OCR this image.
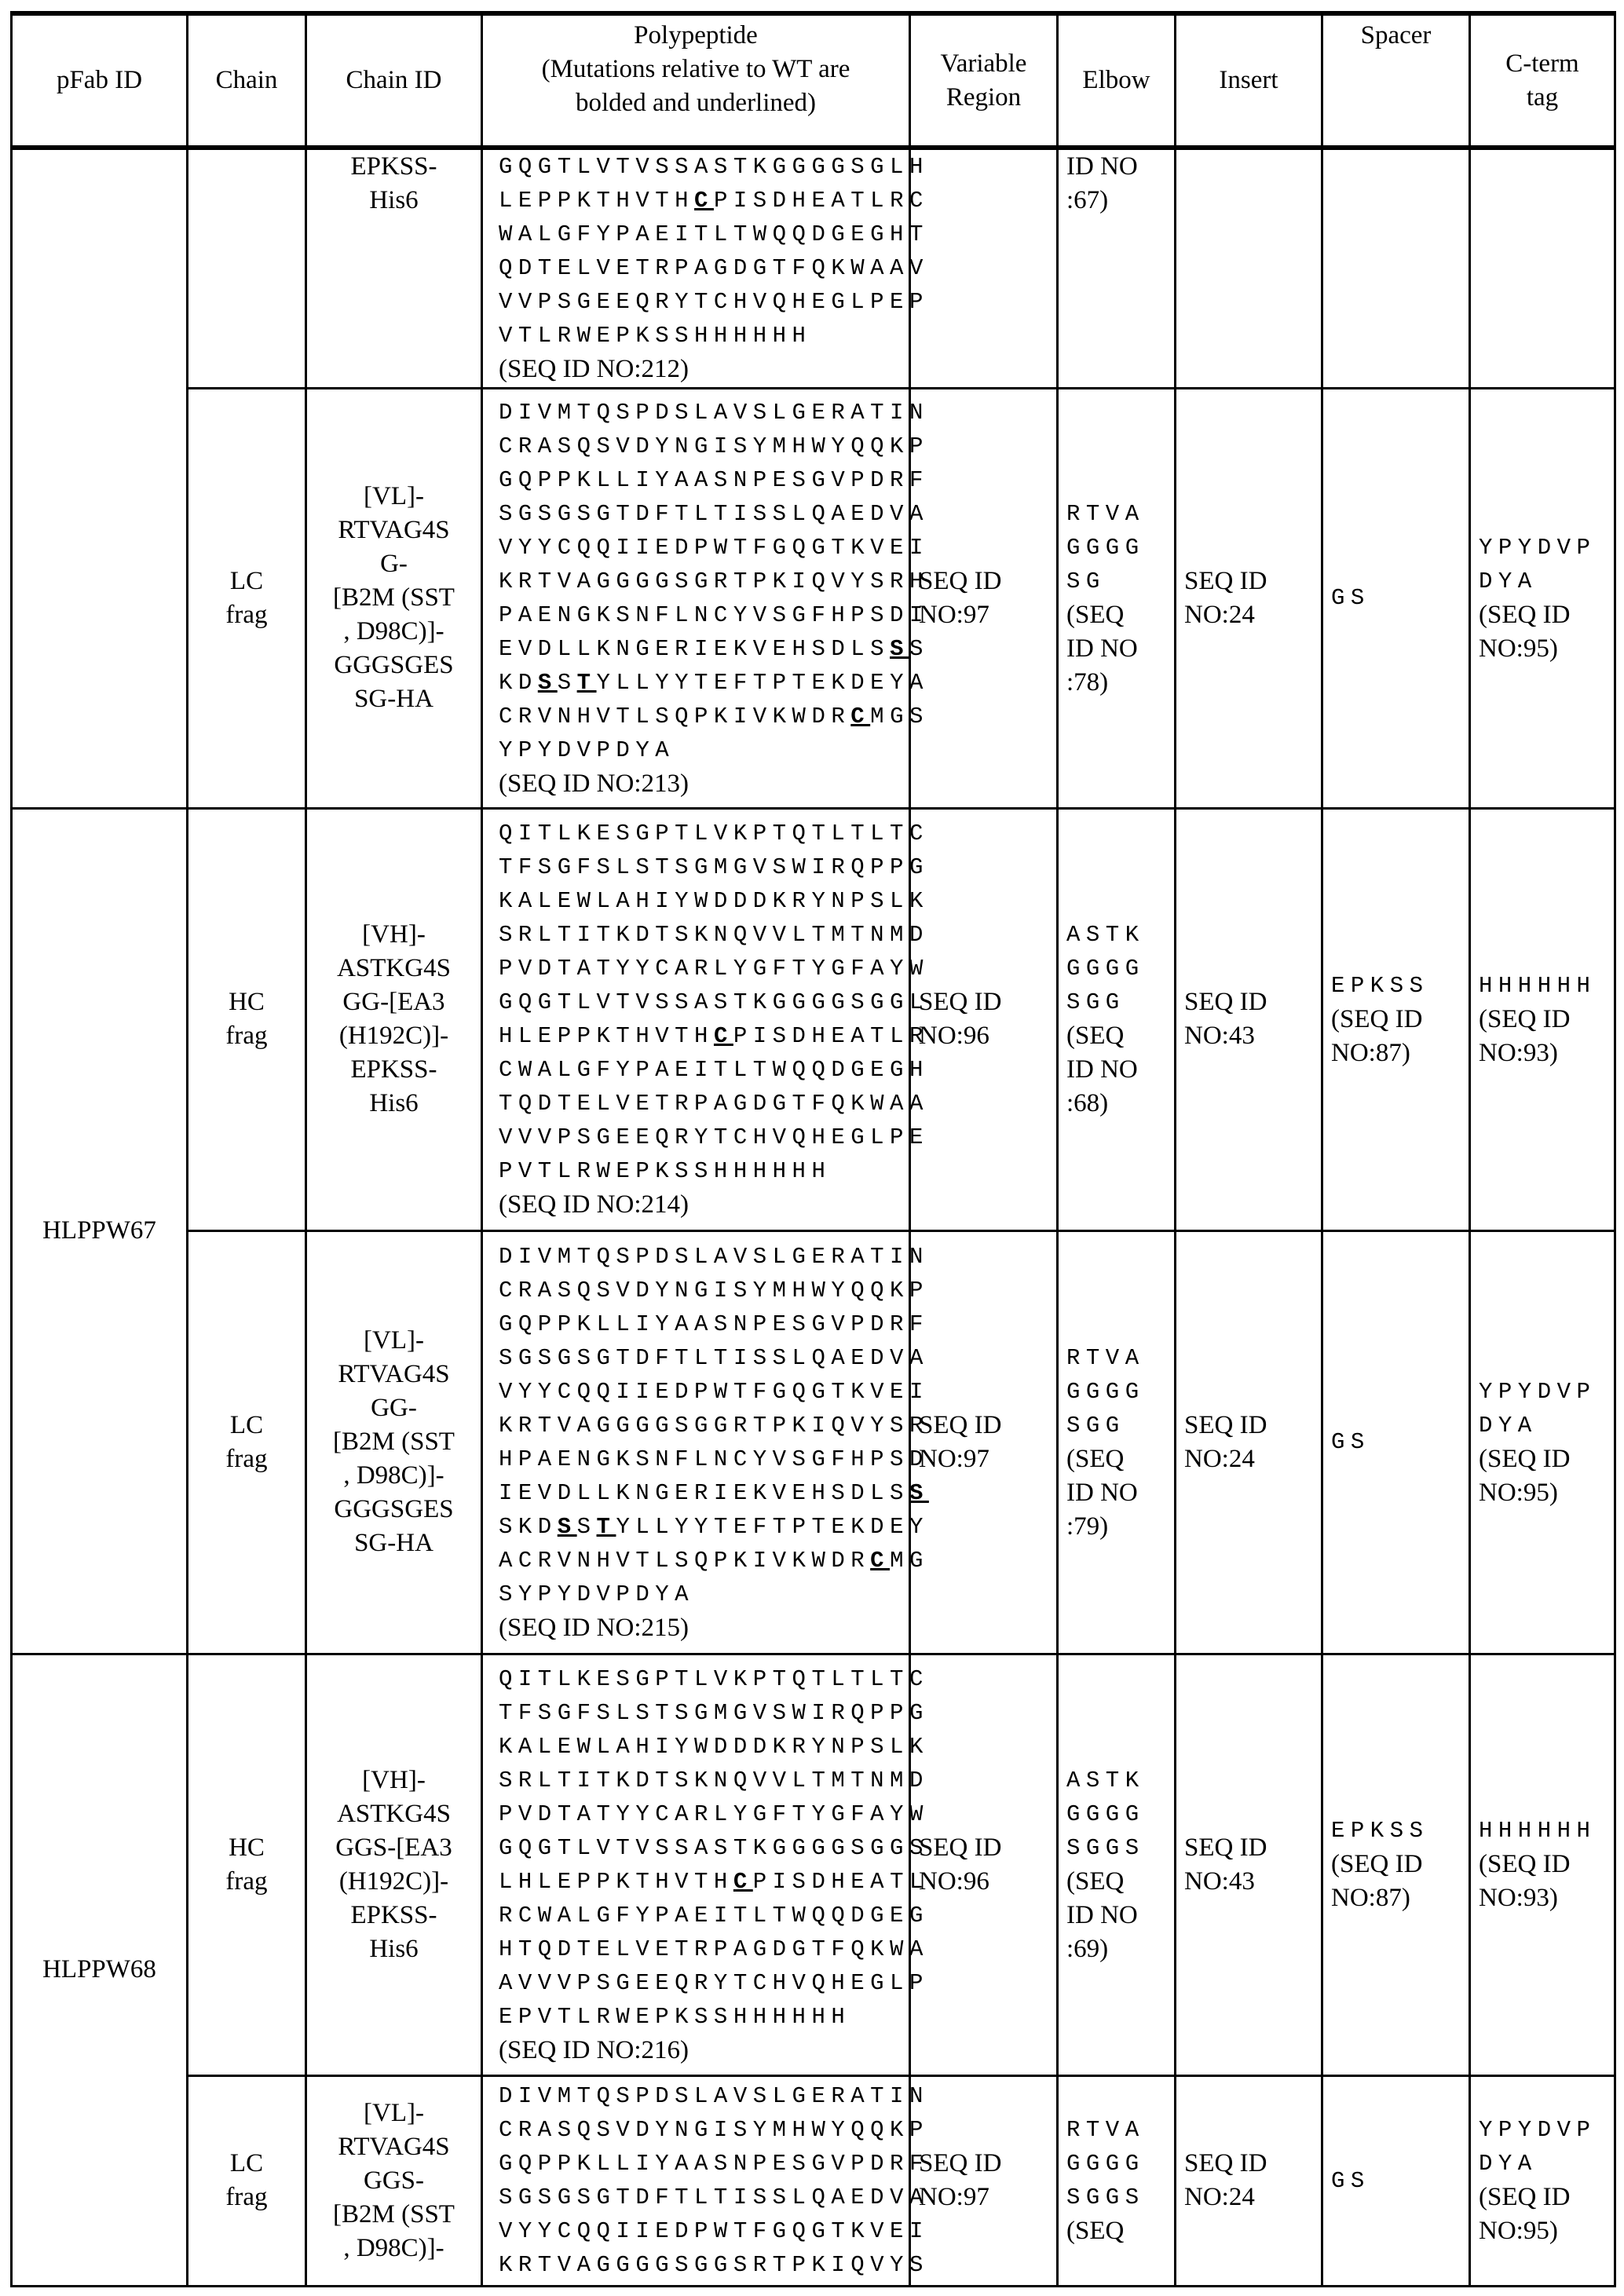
pFab ID	Chain	Chain ID	Polypeptide
(Mutations relative to WT are
bolded and underlined)	Variable
Region	Elbow	Insert	Spacer	C-term
tag
		EPKSS-
His6	
GQGTLVTVSSASTKGGGGSGLH
LEPPKTHVTHCPISDHEATLRC
WALGFYPAEITLTWQQDGEGHT
QDTELVETRPAGDGTFQKWAAV
VVPSGEEQRYTCHVQHEGLPEP
VTLRWEPKSSHHHHHH
(SEQ ID NO:212)

ID NO
:67)

LC
frag	[VL]-
RTVAG4S
G-
[B2M (SST
, D98C)]-
GGGSGES
SG-HA	
DIVMTQSPDSLAVSLGERATIN
CRASQSVDYNGISYMHWYQQKP
GQPPKLLIYAASNPESGVPDRF
SGSGSGTDFTLTISSLQAEDVA
VYYCQQIIEDPWTFGQGTKVEI
KRTVAGGGGSGRTPKIQVYSRH
PAENGKSNFLNCYVSGFHPSDI
EVDLLKNGERIEKVEHSDLSSS
KDSSTYLLYYTEFTPTEKDEYA
CRVNHVTLSQPKIVKWDRCMGS
YPYDVPDYA
(SEQ ID NO:213)

SEQ ID
NO:97

RTVA
GGGG
SG
(SEQ
ID NO
:78)

SEQ ID
NO:24

GS

YPYDVP
DYA
(SEQ ID
NO:95)

HLPPW67	HC
frag	[VH]-
ASTKG4S
GG-[EA3
(H192C)]-
EPKSS-
His6	
QITLKESGPTLVKPTQTLTLTC
TFSGFSLSTSGMGVSWIRQPPG
KALEWLAHIYWDDDKRYNPSLK
SRLTITKDTSKNQVVLTMTNMD
PVDTATYYCARLYGFTYGFAYW
GQGTLVTVSSASTKGGGGSGGL
HLEPPKTHVTHCPISDHEATLR
CWALGFYPAEITLTWQQDGEGH
TQDTELVETRPAGDGTFQKWAA
VVVPSGEEQRYTCHVQHEGLPE
PVTLRWEPKSSHHHHHH
(SEQ ID NO:214)

SEQ ID
NO:96

ASTK
GGGG
SGG
(SEQ
ID NO
:68)

SEQ ID
NO:43

EPKSS
(SEQ ID
NO:87)

HHHHHH
(SEQ ID
NO:93)

LC
frag	[VL]-
RTVAG4S
GG-
[B2M (SST
, D98C)]-
GGGSGES
SG-HA	
DIVMTQSPDSLAVSLGERATIN
CRASQSVDYNGISYMHWYQQKP
GQPPKLLIYAASNPESGVPDRF
SGSGSGTDFTLTISSLQAEDVA
VYYCQQIIEDPWTFGQGTKVEI
KRTVAGGGGSGGRTPKIQVYSR
HPAENGKSNFLNCYVSGFHPSD
IEVDLLKNGERIEKVEHSDLSS
SKDSSTYLLYYTEFTPTEKDEY
ACRVNHVTLSQPKIVKWDRCMG
SYPYDVPDYA
(SEQ ID NO:215)

SEQ ID
NO:97

RTVA
GGGG
SGG
(SEQ
ID NO
:79)

SEQ ID
NO:24

GS

YPYDVP
DYA
(SEQ ID
NO:95)

HLPPW68	HC
frag	[VH]-
ASTKG4S
GGS-[EA3
(H192C)]-
EPKSS-
His6	
QITLKESGPTLVKPTQTLTLTC
TFSGFSLSTSGMGVSWIRQPPG
KALEWLAHIYWDDDKRYNPSLK
SRLTITKDTSKNQVVLTMTNMD
PVDTATYYCARLYGFTYGFAYW
GQGTLVTVSSASTKGGGGSGGS
LHLEPPKTHVTHCPISDHEATL
RCWALGFYPAEITLTWQQDGEG
HTQDTELVETRPAGDGTFQKWA
AVVVPSGEEQRYTCHVQHEGLP
EPVTLRWEPKSSHHHHHH
(SEQ ID NO:216)

SEQ ID
NO:96

ASTK
GGGG
SGGS
(SEQ
ID NO
:69)

SEQ ID
NO:43

EPKSS
(SEQ ID
NO:87)

HHHHHH
(SEQ ID
NO:93)

LC
frag	[VL]-
RTVAG4S
GGS-
[B2M (SST
, D98C)]-	
DIVMTQSPDSLAVSLGERATIN
CRASQSVDYNGISYMHWYQQKP
GQPPKLLIYAASNPESGVPDRF
SGSGSGTDFTLTISSLQAEDVA
VYYCQQIIEDPWTFGQGTKVEI
KRTVAGGGGSGGSRTPKIQVYS

SEQ ID
NO:97

RTVA
GGGG
SGGS
(SEQ

SEQ ID
NO:24

GS

YPYDVP
DYA
(SEQ ID
NO:95)
